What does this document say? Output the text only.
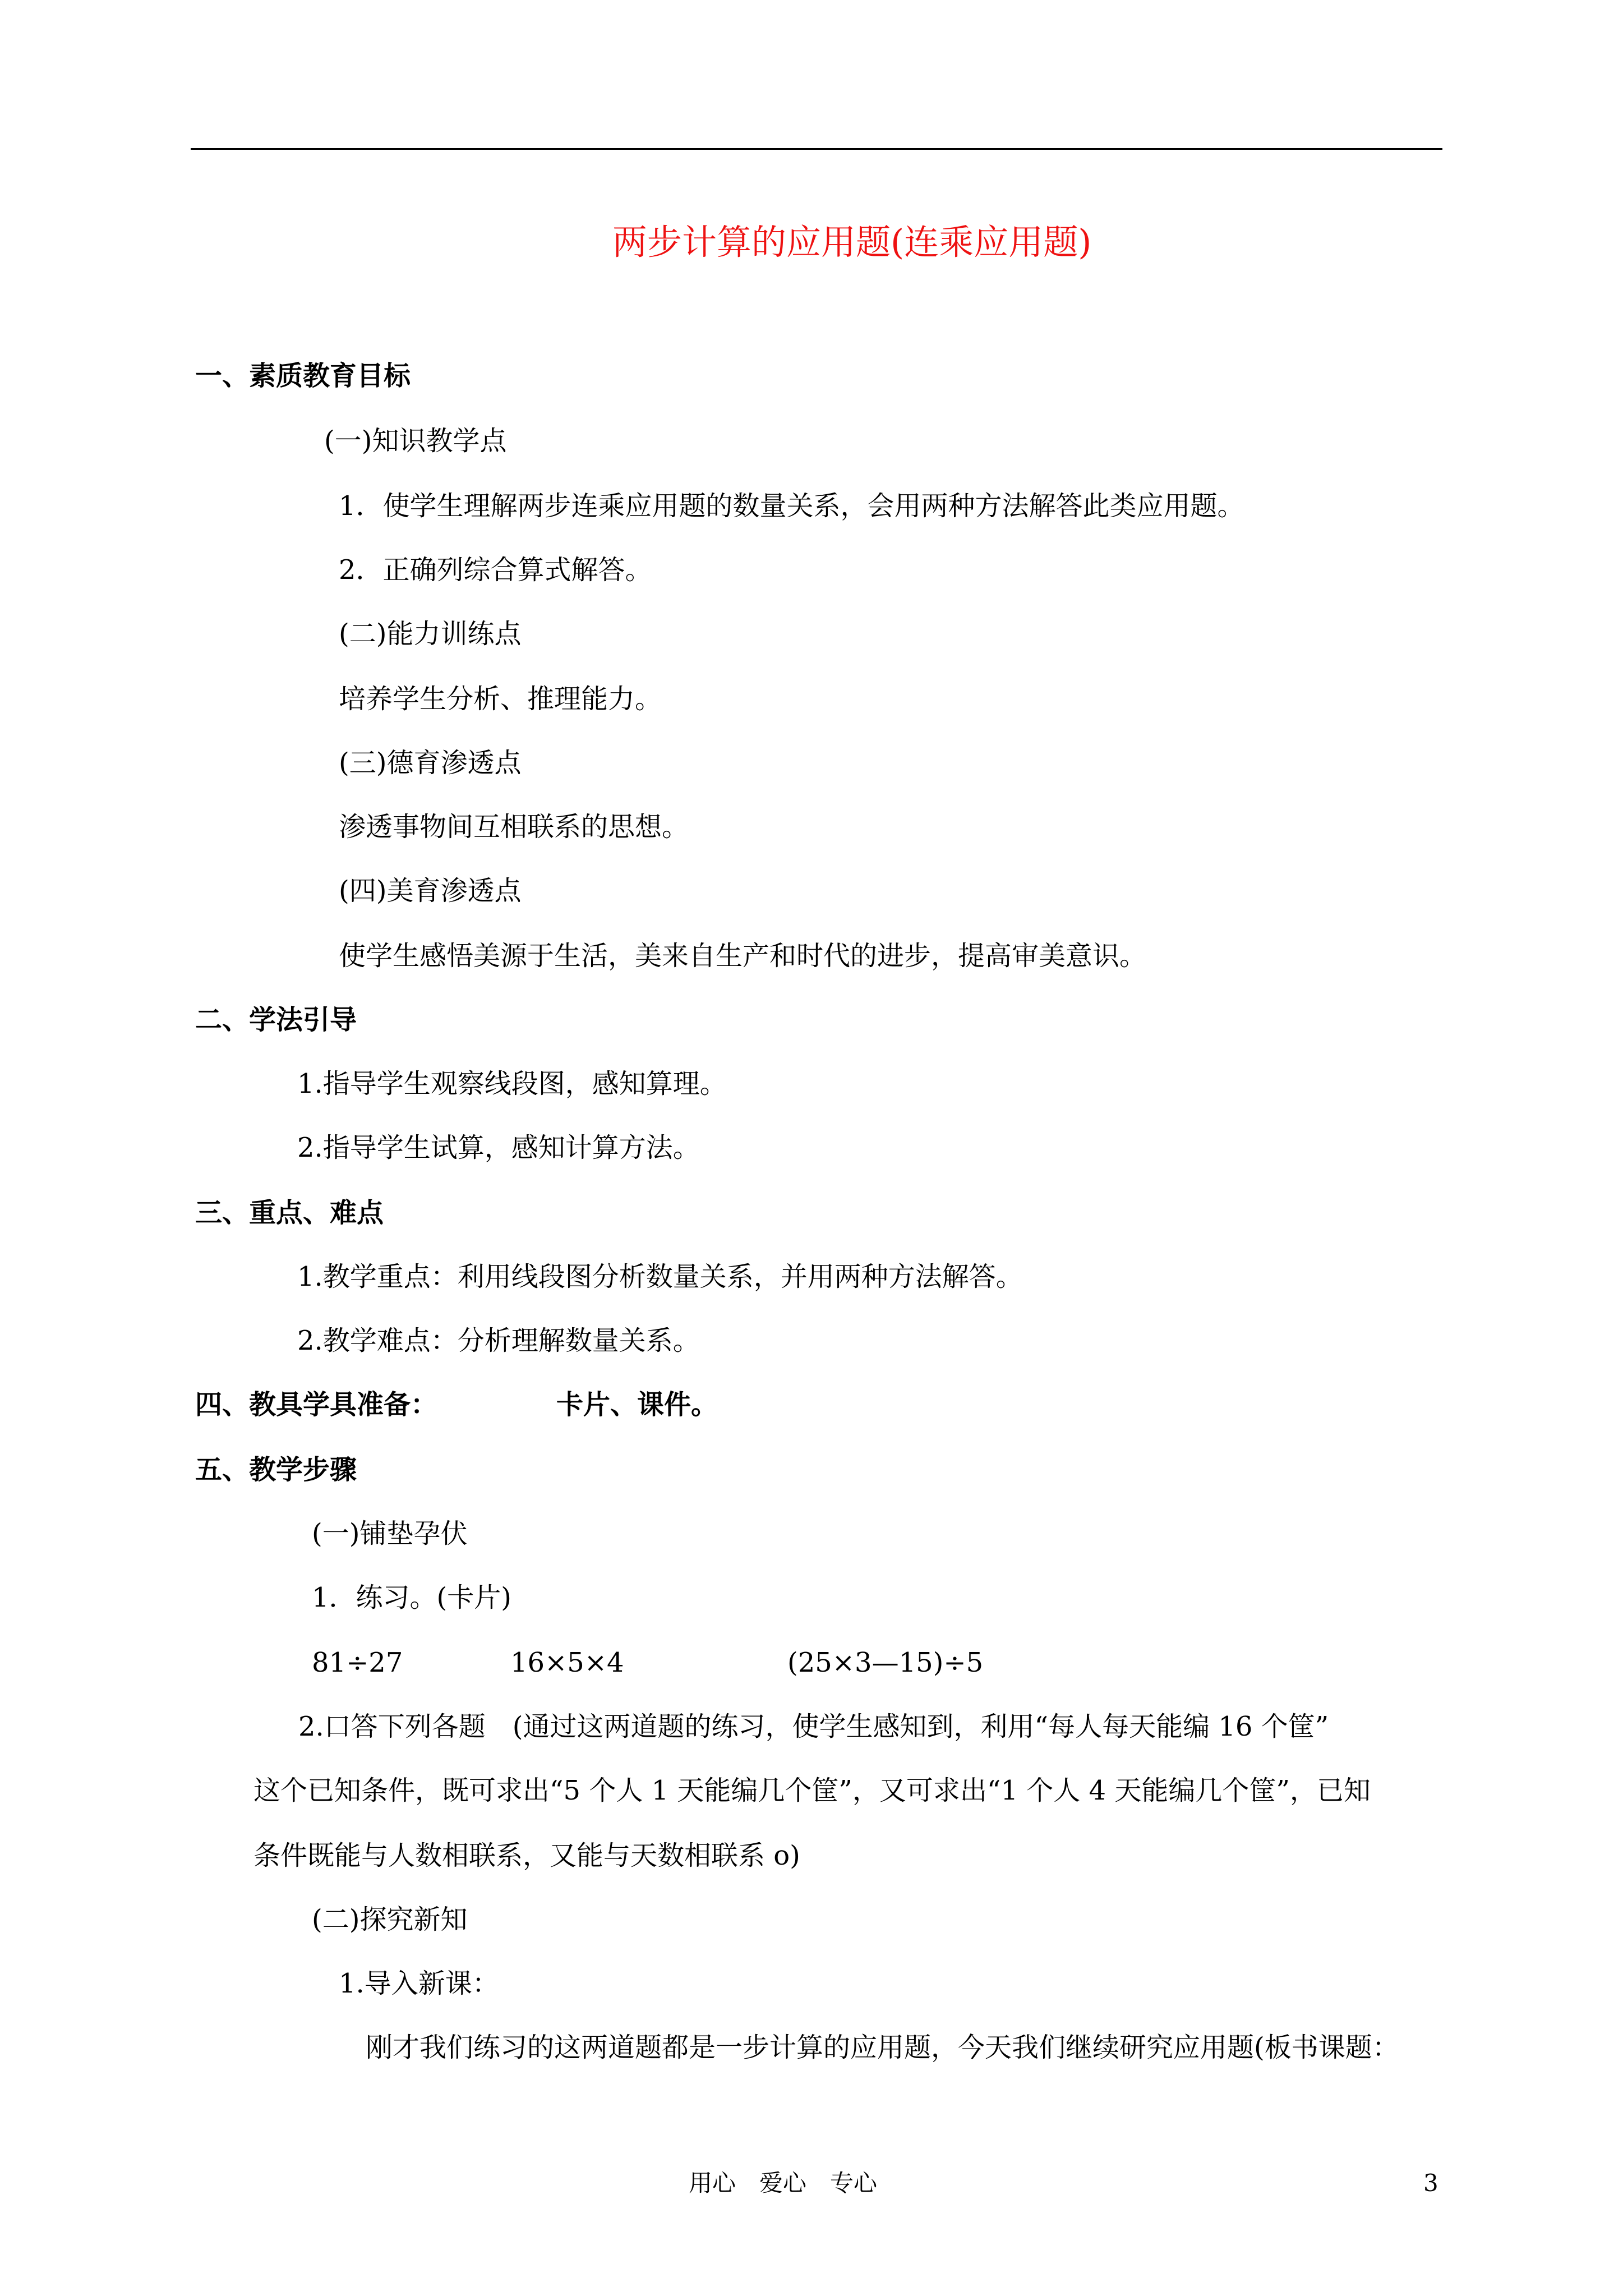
两步计算的应用题(连乘应用题)
一、素质教育目标
(一)知识教学点
1．使学生理解两步连乘应用题的数量关系，会用两种方法解答此类应用题。
2．正确列综合算式解答。
(二)能力训练点
培养学生分析、推理能力。
(三)德育渗透点
渗透事物间互相联系的思想。
(四)美育渗透点
使学生感悟美源于生活，美来自生产和时代的进步，提高审美意识。
二、学法引导
1.指导学生观察线段图，感知算理。
2.指导学生试算，感知计算方法。
三、重点、难点
1.教学重点：利用线段图分析数量关系，并用两种方法解答。
2.教学难点：分析理解数量关系。
四、教具学具准备：	卡片、课件。
五、教学步骤
(一)铺垫孕伏
1．练习。(卡片)
81÷27	16×5×4	(25×3—15)÷5
2.口答下列各题　(通过这两道题的练习，使学生感知到，利用“每人每天能编 16 个筐”
这个已知条件，既可求出“5 个人 1 天能编几个筐”，又可求出“1 个人 4 天能编几个筐”，已知
条件既能与人数相联系，又能与天数相联系 o)
(二)探究新知
1.导入新课：
刚才我们练习的这两道题都是一步计算的应用题，今天我们继续研究应用题(板书课题：
用心　爱心　专心	3
